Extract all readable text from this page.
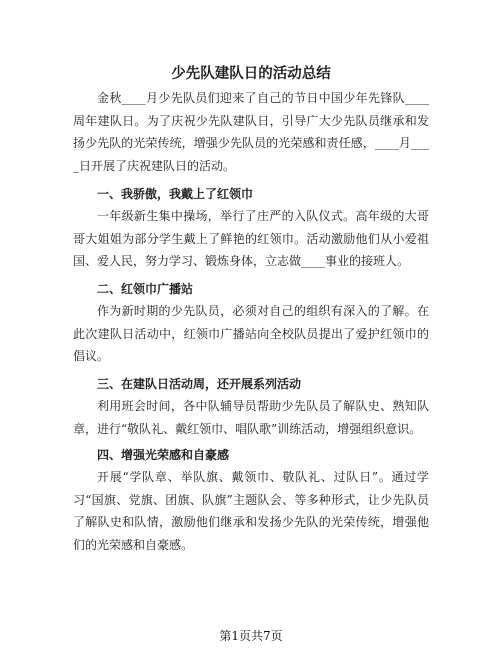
少先队建队日的活动总结

金秋____月少先队员们迎来了自己的节日中国少年先锋队____周年建队日。为了庆祝少先队建队日，引导广大少先队员继承和发扬少先队的光荣传统，增强少先队员的光荣感和责任感，____月____日开展了庆祝建队日的活动。

一、我骄傲，我戴上了红领巾

一年级新生集中操场，举行了庄严的入队仪式。高年级的大哥哥大姐姐为部分学生戴上了鲜艳的红领巾。活动激励他们从小爱祖国、爱人民，努力学习、锻炼身体，立志做____事业的接班人。

二、红领巾广播站

作为新时期的少先队员，必须对自己的组织有深入的了解。在此次建队日活动中，红领巾广播站向全校队员提出了爱护红领巾的倡议。

三、在建队日活动周，还开展系列活动

利用班会时间，各中队辅导员帮助少先队员了解队史、熟知队章，进行“敬队礼、戴红领巾、唱队歌”训练活动，增强组织意识。

四、增强光荣感和自豪感

开展“学队章、举队旗、戴领巾、敬队礼、过队日”。通过学习“国旗、党旗、团旗、队旗”主题队会、等多种形式，让少先队员了解队史和队情，激励他们继承和发扬少先队的光荣传统，增强他们的光荣感和自豪感。

第1页共7页
